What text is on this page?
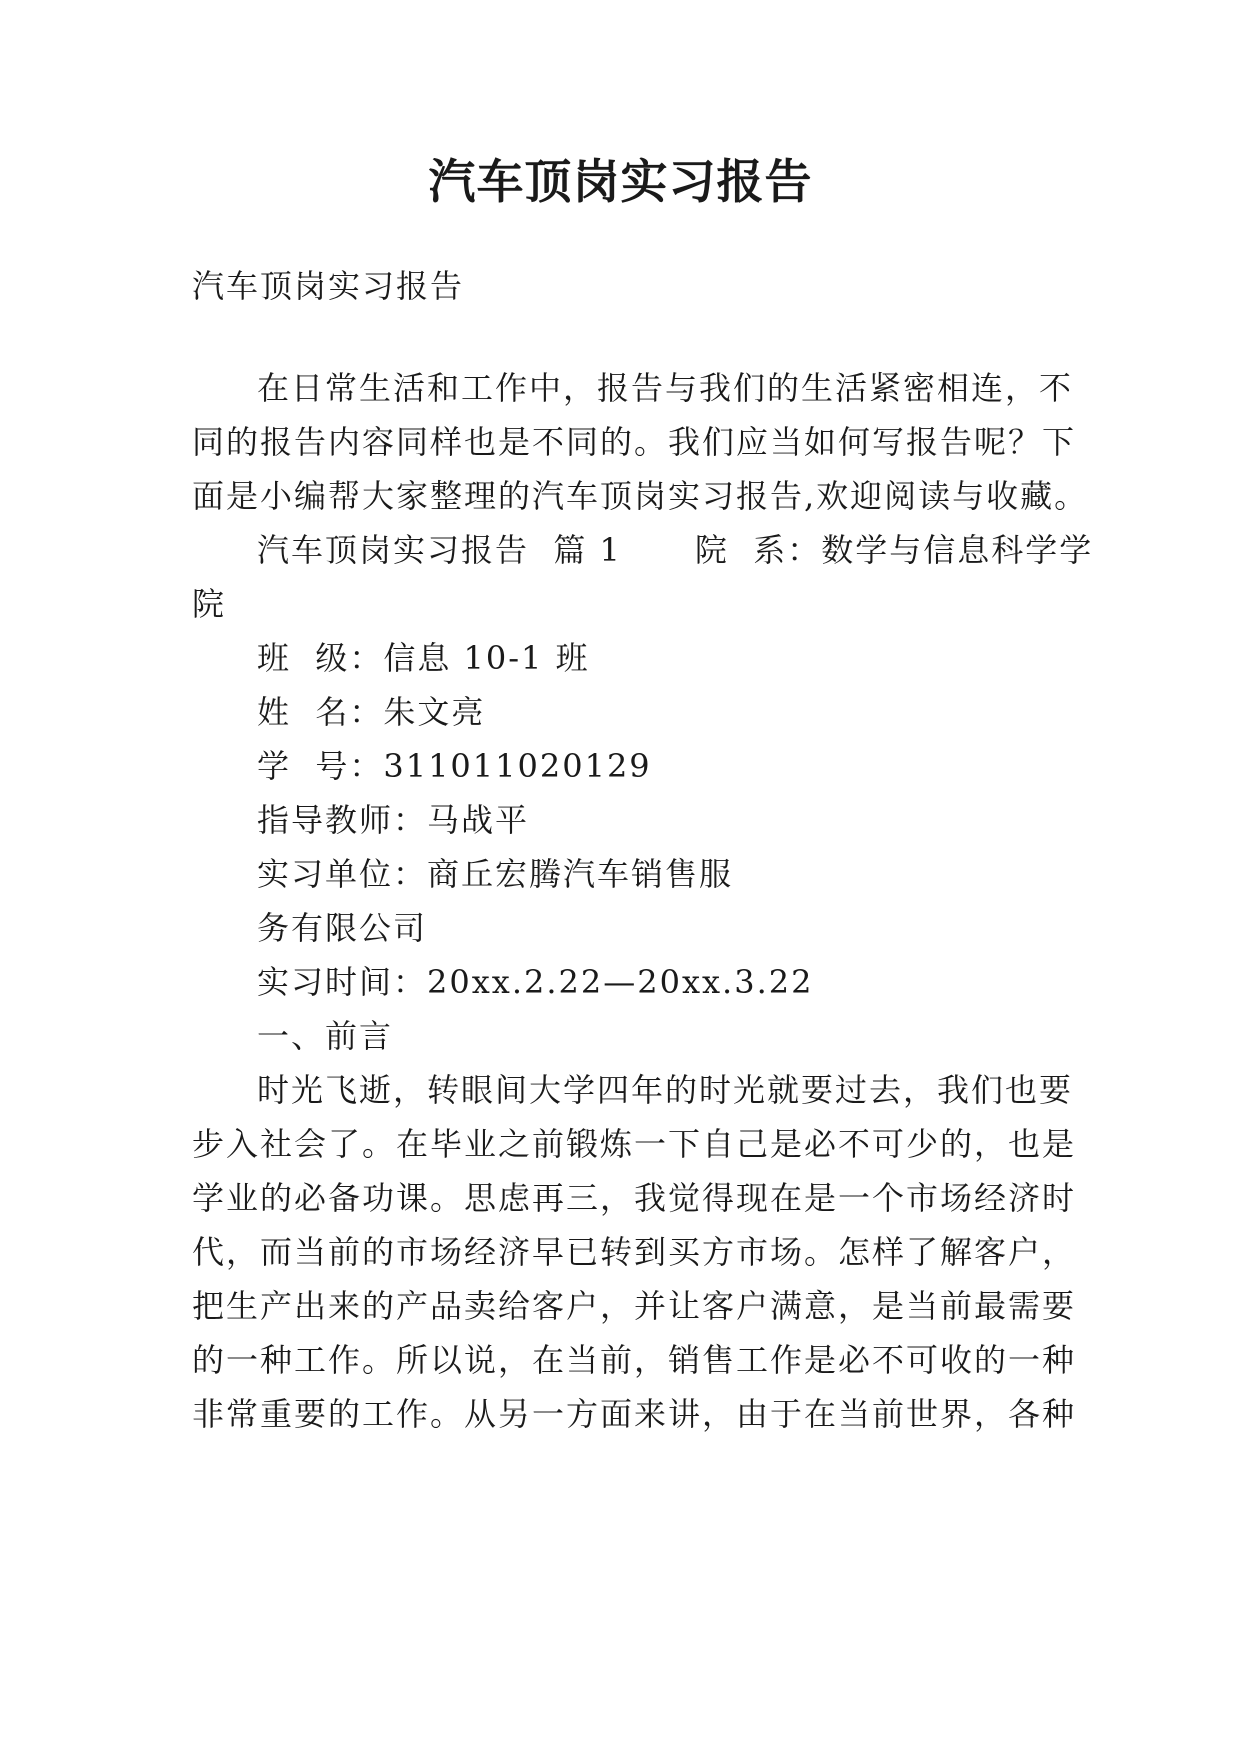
汽车顶岗实习报告
汽车顶岗实习报告
在日常生活和工作中，报告与我们的生活紧密相连，不
同的报告内容同样也是不同的。我们应当如何写报告呢？下
面是小编帮大家整理的汽车顶岗实习报告,欢迎阅读与收藏。
汽车顶岗实习报告  篇 1      院  系：数学与信息科学学
院
班  级：信息 10-1 班
姓  名：朱文亮
学  号：311011020129
指导教师：马战平
实习单位：商丘宏腾汽车销售服
务有限公司
实习时间：20xx.2.22—20xx.3.22
一、前言
时光飞逝，转眼间大学四年的时光就要过去，我们也要
步入社会了。在毕业之前锻炼一下自己是必不可少的，也是
学业的必备功课。思虑再三，我觉得现在是一个市场经济时
代，而当前的市场经济早已转到买方市场。怎样了解客户，
把生产出来的产品卖给客户，并让客户满意，是当前最需要
的一种工作。所以说，在当前，销售工作是必不可收的一种
非常重要的工作。从另一方面来讲，由于在当前世界，各种
